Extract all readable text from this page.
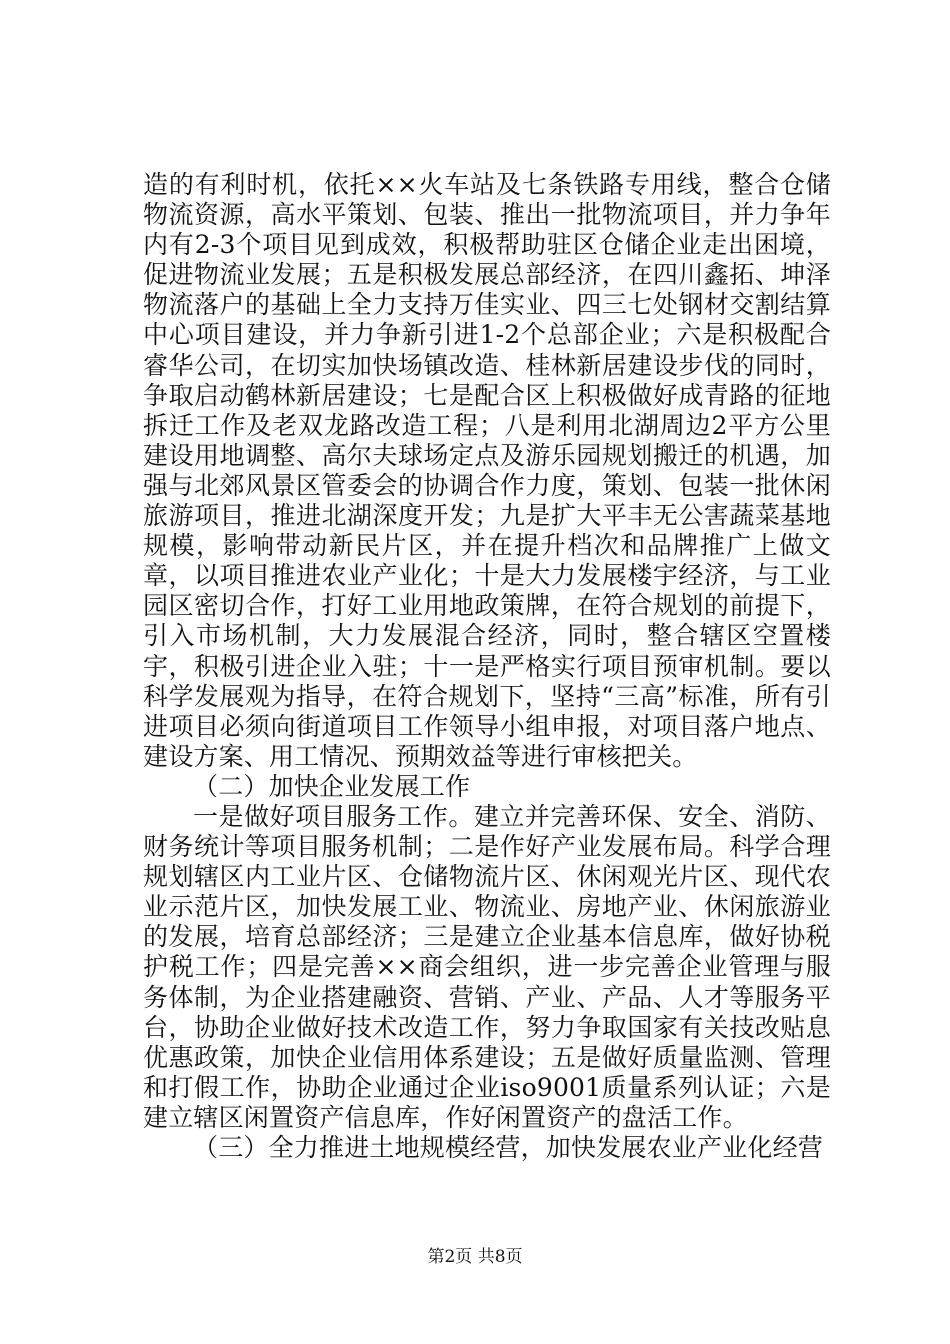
造的有利时机，依托××火车站及七条铁路专用线，整合仓储物流资源，高水平策划、包装、推出一批物流项目，并力争年内有2-3个项目见到成效，积极帮助驻区仓储企业走出困境，促进物流业发展；五是积极发展总部经济，在四川鑫拓、坤泽物流落户的基础上全力支持万佳实业、四三七处钢材交割结算中心项目建设，并力争新引进1-2个总部企业；六是积极配合睿华公司，在切实加快场镇改造、桂林新居建设步伐的同时，争取启动鹤林新居建设；七是配合区上积极做好成青路的征地拆迁工作及老双龙路改造工程；八是利用北湖周边2平方公里建设用地调整、高尔夫球场定点及游乐园规划搬迁的机遇，加强与北郊风景区管委会的协调合作力度，策划、包装一批休闲旅游项目，推进北湖深度开发；九是扩大平丰无公害蔬菜基地规模，影响带动新民片区，并在提升档次和品牌推广上做文章，以项目推进农业产业化；十是大力发展楼宇经济，与工业园区密切合作，打好工业用地政策牌，在符合规划的前提下，引入市场机制，大力发展混合经济，同时，整合辖区空置楼宇，积极引进企业入驻；十一是严格实行项目预审机制。要以科学发展观为指导，在符合规划下，坚持“三高”标准，所有引进项目必须向街道项目工作领导小组申报，对项目落户地点、建设方案、用工情况、预期效益等进行审核把关。

（二）加快企业发展工作

一是做好项目服务工作。建立并完善环保、安全、消防、财务统计等项目服务机制；二是作好产业发展布局。科学合理规划辖区内工业片区、仓储物流片区、休闲观光片区、现代农业示范片区，加快发展工业、物流业、房地产业、休闲旅游业的发展，培育总部经济；三是建立企业基本信息库，做好协税护税工作；四是完善××商会组织，进一步完善企业管理与服务体制，为企业搭建融资、营销、产业、产品、人才等服务平台，协助企业做好技术改造工作，努力争取国家有关技改贴息优惠政策，加快企业信用体系建设；五是做好质量监测、管理和打假工作，协助企业通过企业iso9001质量系列认证；六是建立辖区闲置资产信息库，作好闲置资产的盘活工作。

（三）全力推进土地规模经营，加快发展农业产业化经营

第2页 共8页
